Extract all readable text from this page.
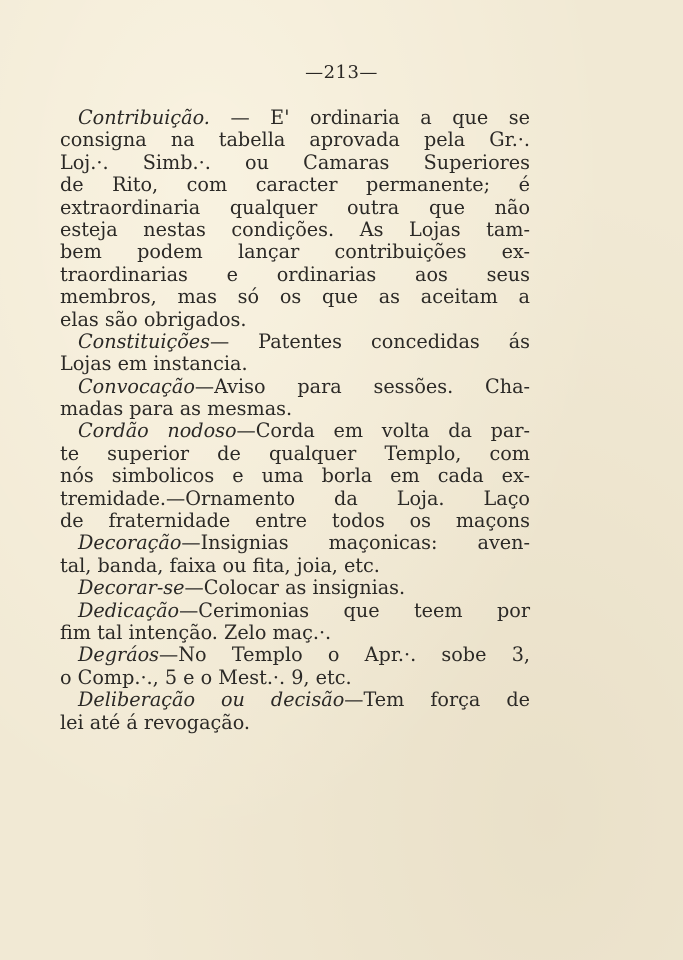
—213—
Contribuição. — E' ordinaria a que se
consigna na tabella aprovada pela Gr.·.
Loj.·. Simb.·. ou Camaras Superiores
de Rito, com caracter permanente; é
extraordinaria qualquer outra que não
esteja nestas condições. As Lojas tam-
bem podem lançar contribuições ex-
traordinarias e ordinarias aos seus
membros, mas só os que as aceitam a
elas são obrigados.
Constituições— Patentes concedidas ás
Lojas em instancia.
Convocação—Aviso para sessões. Cha-
madas para as mesmas.
Cordão nodoso—Corda em volta da par-
te superior de qualquer Templo, com
nós simbolicos e uma borla em cada ex-
tremidade.—Ornamento da Loja. Laço
de fraternidade entre todos os maçons
Decoração—Insignias maçonicas: aven-
tal, banda, faixa ou fita, joia, etc.
Decorar-se—Colocar as insignias.
Dedicação—Cerimonias que teem por
fim tal intenção. Zelo maç.·.
Degráos—No Templo o Apr.·. sobe 3,
o Comp.·., 5 e o Mest.·. 9, etc.
Deliberação ou decisão—Tem força de
lei até á revogação.
